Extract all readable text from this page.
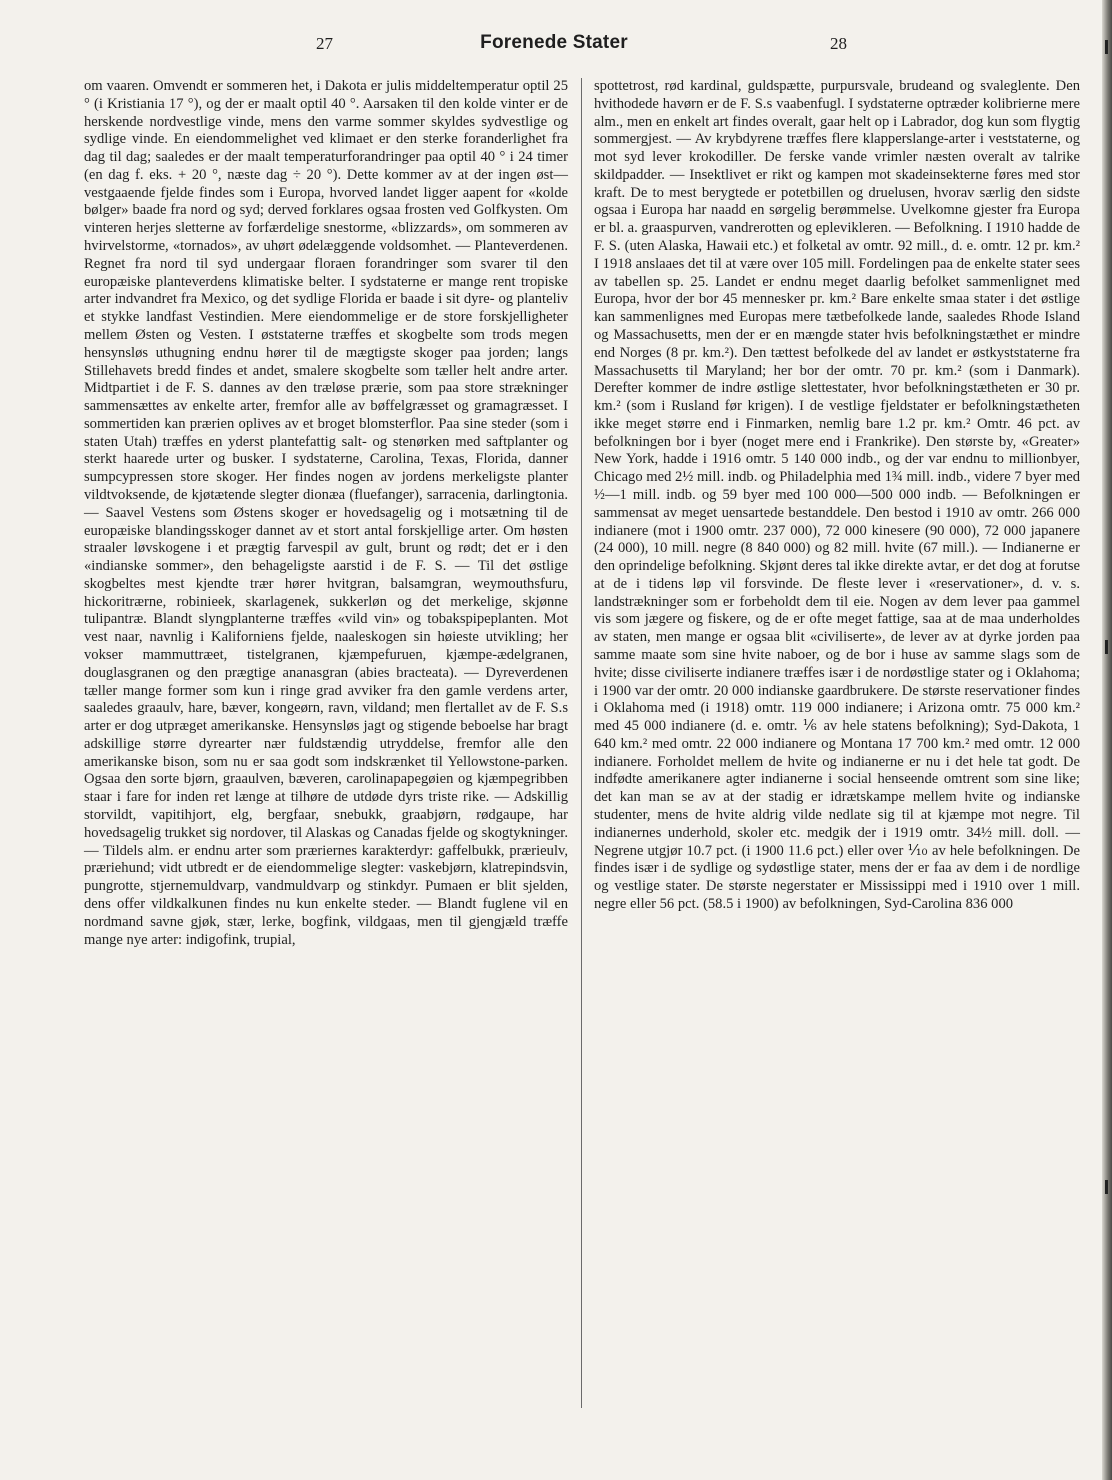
27	Forenede Stater	28

om vaaren. Omvendt er sommeren het, i Dakota er julis middeltemperatur optil 25 ° (i Kristiania 17 °), og der er maalt optil 40 °. Aarsaken til den kolde vinter er de herskende nordvestlige vinde, mens den varme sommer skyldes sydvestlige og sydlige vinde. En eiendommelighet ved klimaet er den sterke foranderlighet fra dag til dag; saaledes er der maalt temperaturforandringer paa optil 40 ° i 24 timer (en dag f. eks. + 20 °, næste dag ÷ 20 °). Dette kommer av at der ingen øst—vestgaaende fjelde findes som i Europa, hvorved landet ligger aapent for «kolde bølger» baade fra nord og syd; derved forklares ogsaa frosten ved Golfkysten. Om vinteren herjes sletterne av forfærdelige snestorme, «blizzards», om sommeren av hvirvelstorme, «tornados», av uhørt ødelæggende voldsomhet. — Planteverdenen. Regnet fra nord til syd undergaar floraen forandringer som svarer til den europæiske planteverdens klimatiske belter. I sydstaterne er mange rent tropiske arter indvandret fra Mexico, og det sydlige Florida er baade i sit dyre- og planteliv et stykke landfast Vestindien. Mere eiendommelige er de store forskjelligheter mellem Østen og Vesten. I øststaterne træffes et skogbelte som trods megen hensynsløs uthugning endnu hører til de mægtigste skoger paa jorden; langs Stillehavets bredd findes et andet, smalere skogbelte som tæller helt andre arter. Midtpartiet i de F. S. dannes av den træløse prærie, som paa store strækninger sammensættes av enkelte arter, fremfor alle av bøffelgræsset og gramagræsset. I sommertiden kan prærien oplives av et broget blomsterflor. Paa sine steder (som i staten Utah) træffes en yderst plantefattig salt- og stenørken med saftplanter og sterkt haarede urter og busker. I sydstaterne, Carolina, Texas, Florida, danner sumpcypressen store skoger. Her findes nogen av jordens merkeligste planter vildtvoksende, de kjøtætende slegter dionæa (fluefanger), sarracenia, darlingtonia. — Saavel Vestens som Østens skoger er hovedsagelig og i motsætning til de europæiske blandingsskoger dannet av et stort antal forskjellige arter. Om høsten straaler løvskogene i et prægtig farvespil av gult, brunt og rødt; det er i den «indianske sommer», den behageligste aarstid i de F. S. — Til det østlige skogbeltes mest kjendte trær hører hvitgran, balsamgran, weymouthsfuru, hickoritrærne, robinieek, skarlagenek, sukkerløn og det merkelige, skjønne tulipantræ. Blandt slyngplanterne træffes «vild vin» og tobakspipeplanten. Mot vest naar, navnlig i Kaliforniens fjelde, naaleskogen sin høieste utvikling; her vokser mammuttræet, tistelgranen, kjæmpefuruen, kjæmpe-ædelgranen, douglasgranen og den prægtige ananasgran (abies bracteata). — Dyreverdenen tæller mange former som kun i ringe grad avviker fra den gamle verdens arter, saaledes graaulv, hare, bæver, kongeørn, ravn, vildand; men flertallet av de F. S.s arter er dog utpræget amerikanske. Hensynsløs jagt og stigende beboelse har bragt adskillige større dyrearter nær fuldstændig utryddelse, fremfor alle den amerikanske bison, som nu er saa godt som indskrænket til Yellowstone-parken. Ogsaa den sorte bjørn, graaulven, bæveren, carolinapapegøien og kjæmpegribben staar i fare for inden ret længe at tilhøre de utdøde dyrs triste rike. — Adskillig storvildt, vapitihjort, elg, bergfaar, snebukk, graabjørn, rødgaupe, har hovedsagelig trukket sig nordover, til Alaskas og Canadas fjelde og skogtykninger. — Tildels alm. er endnu arter som præriernes karakterdyr: gaffelbukk, prærieulv, præriehund; vidt utbredt er de eiendommelige slegter: vaskebjørn, klatrepindsvin, pungrotte, stjernemuldvarp, vandmuldvarp og stinkdyr. Pumaen er blit sjelden, dens offer vildkalkunen findes nu kun enkelte steder. — Blandt fuglene vil en nordmand savne gjøk, stær, lerke, bogfink, vildgaas, men til gjengjæld træffe mange nye arter: indigofink, trupial,

spottetrost, rød kardinal, guldspætte, purpursvale, brudeand og svaleglente. Den hvithodede havørn er de F. S.s vaabenfugl. I sydstaterne optræder kolibrierne mere alm., men en enkelt art findes overalt, gaar helt op i Labrador, dog kun som flygtig sommergjest. — Av krybdyrene træffes flere klapperslange-arter i veststaterne, og mot syd lever krokodiller. De ferske vande vrimler næsten overalt av talrike skildpadder. — Insektlivet er rikt og kampen mot skadeinsekterne føres med stor kraft. De to mest berygtede er potetbillen og druelusen, hvorav særlig den sidste ogsaa i Europa har naadd en sørgelig berømmelse. Uvelkomne gjester fra Europa er bl. a. graaspurven, vandrerotten og eplevikleren. — Befolkning. I 1910 hadde de F. S. (uten Alaska, Hawaii etc.) et folketal av omtr. 92 mill., d. e. omtr. 12 pr. km.² I 1918 anslaaes det til at være over 105 mill. Fordelingen paa de enkelte stater sees av tabellen sp. 25. Landet er endnu meget daarlig befolket sammenlignet med Europa, hvor der bor 45 mennesker pr. km.² Bare enkelte smaa stater i det østlige kan sammenlignes med Europas mere tætbefolkede lande, saaledes Rhode Island og Massachusetts, men der er en mængde stater hvis befolkningstæthet er mindre end Norges (8 pr. km.²). Den tættest befolkede del av landet er østkyststaterne fra Massachusetts til Maryland; her bor der omtr. 70 pr. km.² (som i Danmark). Derefter kommer de indre østlige slettestater, hvor befolkningstætheten er 30 pr. km.² (som i Rusland før krigen). I de vestlige fjeldstater er befolkningstætheten ikke meget større end i Finmarken, nemlig bare 1.2 pr. km.² Omtr. 46 pct. av befolkningen bor i byer (noget mere end i Frankrike). Den største by, «Greater» New York, hadde i 1916 omtr. 5 140 000 indb., og der var endnu to millionbyer, Chicago med 2½ mill. indb. og Philadelphia med 1¾ mill. indb., videre 7 byer med ½—1 mill. indb. og 59 byer med 100 000—500 000 indb. — Befolkningen er sammensat av meget uensartede bestanddele. Den bestod i 1910 av omtr. 266 000 indianere (mot i 1900 omtr. 237 000), 72 000 kinesere (90 000), 72 000 japanere (24 000), 10 mill. negre (8 840 000) og 82 mill. hvite (67 mill.). — Indianerne er den oprindelige befolkning. Skjønt deres tal ikke direkte avtar, er det dog at forutse at de i tidens løp vil forsvinde. De fleste lever i «reservationer», d. v. s. landstrækninger som er forbeholdt dem til eie. Nogen av dem lever paa gammel vis som jægere og fiskere, og de er ofte meget fattige, saa at de maa underholdes av staten, men mange er ogsaa blit «civiliserte», de lever av at dyrke jorden paa samme maate som sine hvite naboer, og de bor i huse av samme slags som de hvite; disse civiliserte indianere træffes især i de nordøstlige stater og i Oklahoma; i 1900 var der omtr. 20 000 indianske gaardbrukere. De største reservationer findes i Oklahoma med (i 1918) omtr. 119 000 indianere; i Arizona omtr. 75 000 km.² med 45 000 indianere (d. e. omtr. ⅙ av hele statens befolkning); Syd-Dakota, 1 640 km.² med omtr. 22 000 indianere og Montana 17 700 km.² med omtr. 12 000 indianere. Forholdet mellem de hvite og indianerne er nu i det hele tat godt. De indfødte amerikanere agter indianerne i social henseende omtrent som sine like; det kan man se av at der stadig er idrætskampe mellem hvite og indianske studenter, mens de hvite aldrig vilde nedlate sig til at kjæmpe mot negre. Til indianernes underhold, skoler etc. medgik der i 1919 omtr. 34½ mill. doll. — Negrene utgjør 10.7 pct. (i 1900 11.6 pct.) eller over ⅒ av hele befolkningen. De findes især i de sydlige og sydøstlige stater, mens der er faa av dem i de nordlige og vestlige stater. De største negerstater er Mississippi med i 1910 over 1 mill. negre eller 56 pct. (58.5 i 1900) av befolkningen, Syd-Carolina 836 000
